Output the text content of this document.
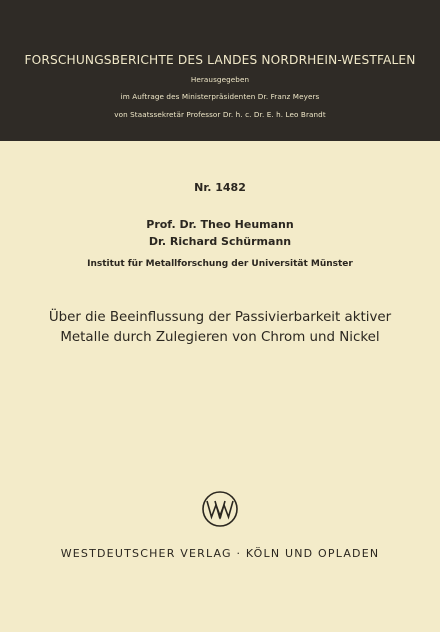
FORSCHUNGSBERICHTE DES LANDES NORDRHEIN-WESTFALEN
Herausgegeben
im Auftrage des Ministerpräsidenten Dr. Franz Meyers
von Staatssekretär Professor Dr. h. c. Dr. E. h. Leo Brandt
Nr. 1482
Prof. Dr. Theo Heumann
Dr. Richard Schürmann
Institut für Metallforschung der Universität Münster
Über die Beeinflussung der Passivierbarkeit aktiver
Metalle durch Zulegieren von Chrom und Nickel
WESTDEUTSCHER VERLAG · KÖLN UND OPLADEN
